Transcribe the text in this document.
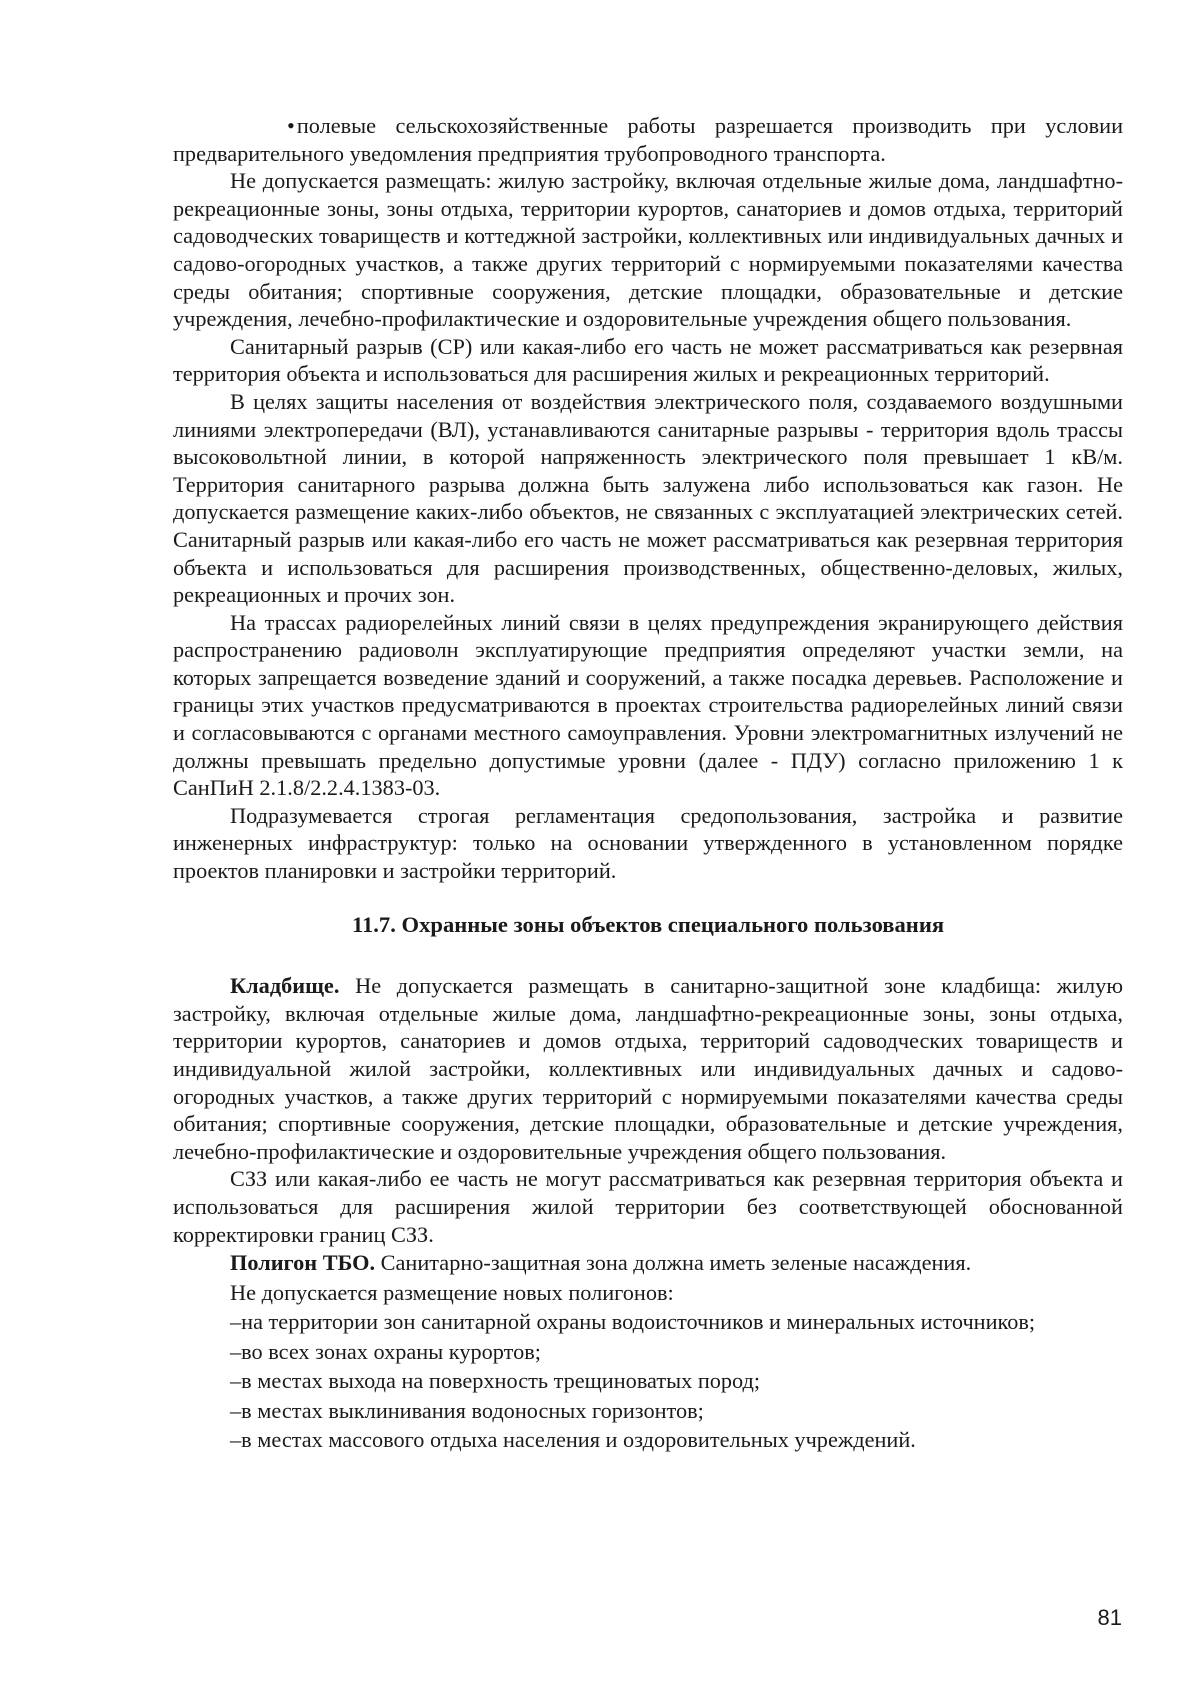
•полевые сельскохозяйственные работы разрешается производить при условии предварительного уведомления предприятия трубопроводного транспорта.

Не допускается размещать: жилую застройку, включая отдельные жилые дома, ландшафтно-рекреационные зоны, зоны отдыха, территории курортов, санаториев и домов отдыха, территорий садоводческих товариществ и коттеджной застройки, коллективных или индивидуальных дачных и садово-огородных участков, а также других территорий с нормируемыми показателями качества среды обитания; спортивные сооружения, детские площадки, образовательные и детские учреждения, лечебно-профилактические и оздоровительные учреждения общего пользования.

Санитарный разрыв (СР) или какая-либо его часть не может рассматриваться как резервная территория объекта и использоваться для расширения жилых и рекреационных территорий.

В целях защиты населения от воздействия электрического поля, создаваемого воздушными линиями электропередачи (ВЛ), устанавливаются санитарные разрывы - территория вдоль трассы высоковольтной линии, в которой напряженность электрического поля превышает 1 кВ/м. Территория санитарного разрыва должна быть залужена либо использоваться как газон. Не допускается размещение каких-либо объектов, не связанных с эксплуатацией электрических сетей. Санитарный разрыв или какая-либо его часть не может рассматриваться как резервная территория объекта и использоваться для расширения производственных, общественно-деловых, жилых, рекреационных и прочих зон.

На трассах радиорелейных линий связи в целях предупреждения экранирующего действия распространению радиоволн эксплуатирующие предприятия определяют участки земли, на которых запрещается возведение зданий и сооружений, а также посадка деревьев. Расположение и границы этих участков предусматриваются в проектах строительства радиорелейных линий связи и согласовываются с органами местного самоуправления. Уровни электромагнитных излучений не должны превышать предельно допустимые уровни (далее - ПДУ) согласно приложению 1 к СанПиН 2.1.8/2.2.4.1383-03.

Подразумевается строгая регламентация средопользования, застройка и развитие инженерных инфраструктур: только на основании утвержденного в установленном порядке проектов планировки и застройки территорий.

11.7. Охранные зоны объектов специального пользования

Кладбище. Не допускается размещать в санитарно-защитной зоне кладбища: жилую застройку, включая отдельные жилые дома, ландшафтно-рекреационные зоны, зоны отдыха, территории курортов, санаториев и домов отдыха, территорий садоводческих товариществ и индивидуальной жилой застройки, коллективных или индивидуальных дачных и садово-огородных участков, а также других территорий с нормируемыми показателями качества среды обитания; спортивные сооружения, детские площадки, образовательные и детские учреждения, лечебно-профилактические и оздоровительные учреждения общего пользования.

СЗЗ или какая-либо ее часть не могут рассматриваться как резервная территория объекта и использоваться для расширения жилой территории без соответствующей обоснованной корректировки границ СЗЗ.

Полигон ТБО. Санитарно-защитная зона должна иметь зеленые насаждения.

Не допускается размещение новых полигонов:

–на территории зон санитарной охраны водоисточников и минеральных источников;

–во всех зонах охраны курортов;

–в местах выхода на поверхность трещиноватых пород;

–в местах выклинивания водоносных горизонтов;

–в местах массового отдыха населения и оздоровительных учреждений.

81
